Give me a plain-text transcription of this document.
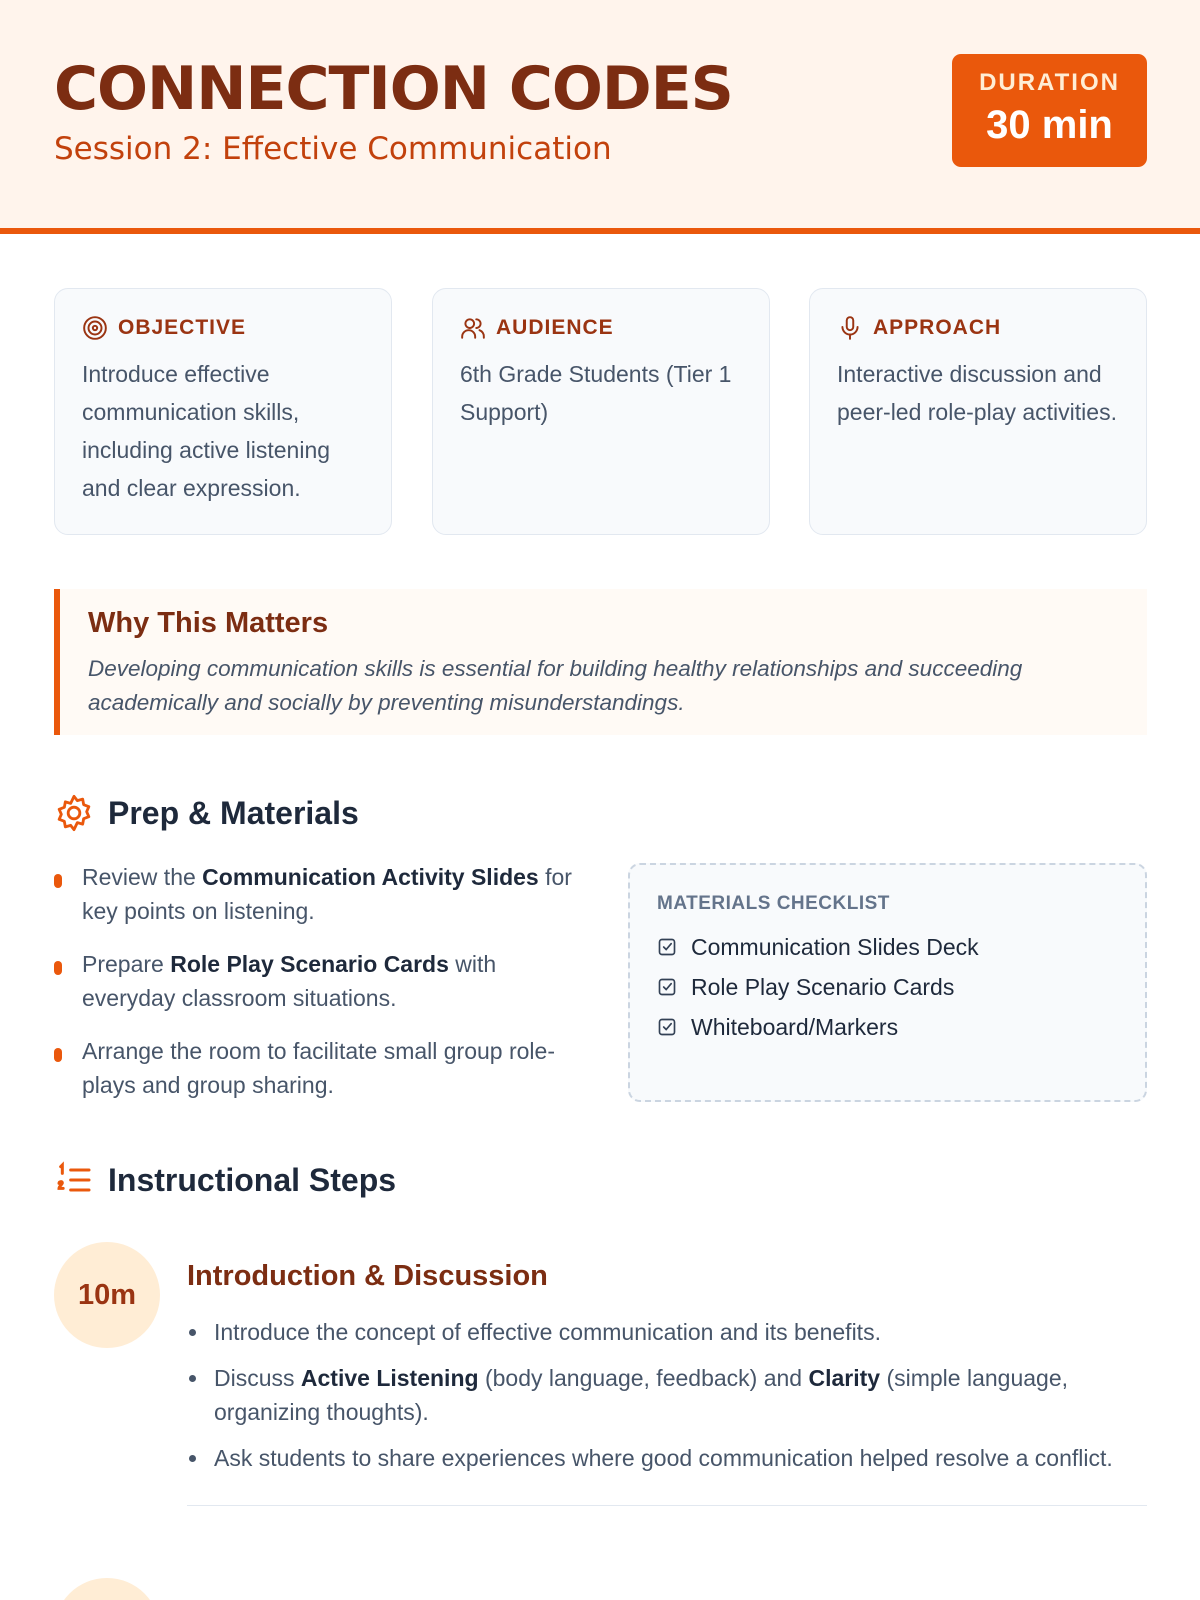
CONNECTION CODES
Session 2: Effective Communication
DURATION
30 min
OBJECTIVE
Introduce effective communication skills, including active listening and clear expression.
AUDIENCE
6th Grade Students (Tier 1 Support)
APPROACH
Interactive discussion and peer-led role-play activities.
Why This Matters
Developing communication skills is essential for building healthy relationships and succeeding academically and socially by preventing misunderstandings.
Prep & Materials
Review the Communication Activity Slides for key points on listening.
Prepare Role Play Scenario Cards with everyday classroom situations.
Arrange the room to facilitate small group role-plays and group sharing.
MATERIALS CHECKLIST
Communication Slides Deck
Role Play Scenario Cards
Whiteboard/Markers
Instructional Steps
10m
Introduction & Discussion
Introduce the concept of effective communication and its benefits.
Discuss Active Listening (body language, feedback) and Clarity (simple language, organizing thoughts).
Ask students to share experiences where good communication helped resolve a conflict.
